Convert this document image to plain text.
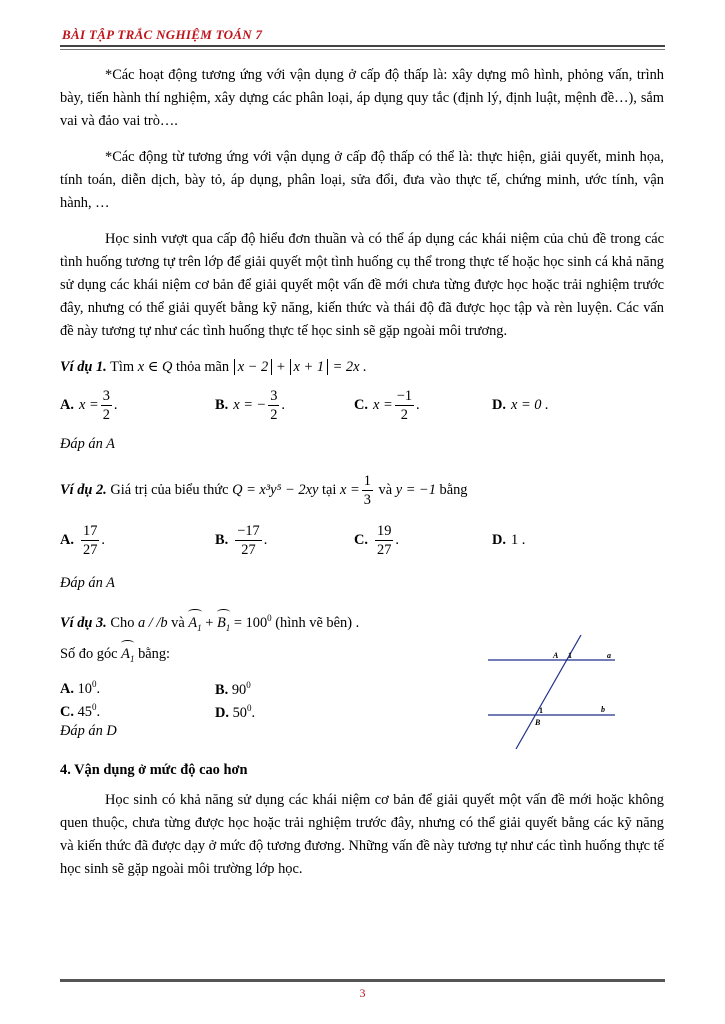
BÀI TẬP TRẮC NGHIỆM TOÁN 7

*Các hoạt động tương ứng với vận dụng ở cấp độ thấp là: xây dựng mô hình, phỏng vấn, trình bày, tiến hành thí nghiệm, xây dựng các phân loại, áp dụng quy tắc (định lý, định luật, mệnh đề…), sắm vai và đảo vai trò….

*Các động từ tương ứng với vận dụng ở cấp độ thấp có thể là: thực hiện, giải quyết, minh họa, tính toán, diễn dịch, bày tỏ, áp dụng, phân loại, sửa đổi, đưa vào thực tế, chứng minh, ước tính, vận hành, …

Học sinh vượt qua cấp độ hiểu đơn thuần và có thể áp dụng các khái niệm của chủ đề trong các tình huống tương tự trên lớp để giải quyết một tình huống cụ thể trong thực tế hoặc học sinh cá khả năng sử dụng các khái niệm cơ bản để giải quyết một vấn đề mới chưa từng được học hoặc trải nghiệm trước đây, nhưng có thể giải quyết bằng kỹ năng, kiến thức và thái độ đã được học tập và rèn luyện. Các vấn đề này tương tự như các tình huống thực tế học sinh sẽ gặp ngoài môi trương.

Ví dụ 1. Tìm x ∈ Q thỏa mãn x − 2 + x + 1 = 2x .
A. $x = \frac{3}{2}$ .	B. x = − $\frac{3}{2}$ .	C. $x = \frac{-1}{2}$ .	D. x = 0 .
Đáp án A
Ví dụ 2.
Giá trị của biểu thức
Q = x³y⁵ − 2xy
tại
$x = \frac{1}{3}$
và
y = −1
bằng
A. $\frac{17}{27}$ .	B. $\frac{-17}{27}$ .	C. $\frac{19}{27}$ .	D. 1 .
Đáp án A
Ví dụ 3. Cho a / /b và $A_1 + B_1 = 100^0$ (hình vẽ bên) .
Số đo góc $A_1$ bằng:
A. $10^0$.	B. $90^0$
C. $45^0$.	D. $50^0$.
Đáp án D
4. Vận dụng ở mức độ cao hơn

Học sinh có khả năng sử dụng các khái niệm cơ bản để giải quyết một vấn đề mới hoặc không quen thuộc, chưa từng được học hoặc trải nghiệm trước đây, nhưng có thể giải quyết bằng các kỹ năng và kiến thức đã được dạy ở mức độ tương đương. Những vấn đề này tương tự như các tình huống thực tế học sinh sẽ gặp ngoài môi trường lớp học.

A 1	a
1
B
b
3
